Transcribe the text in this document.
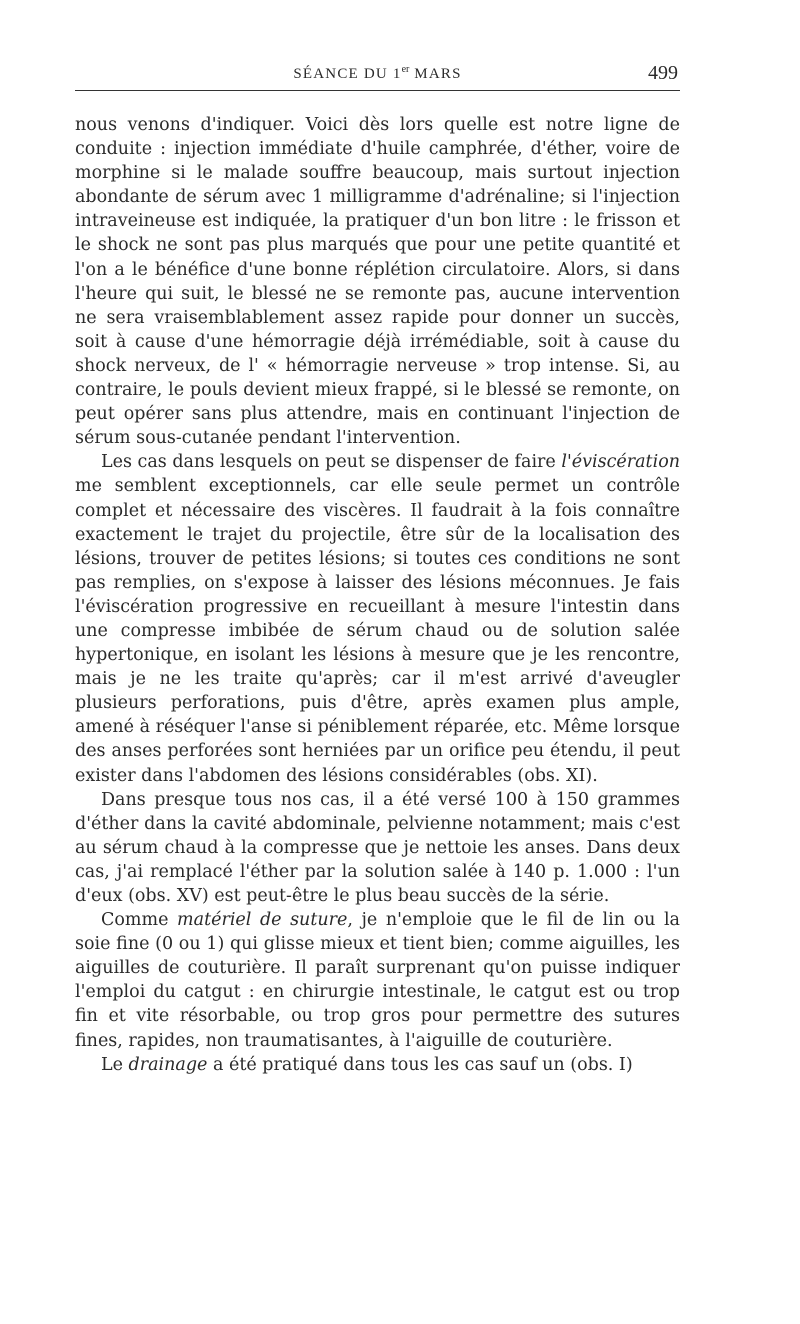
SÉANCE DU 1er MARS	499

nous venons d'indiquer. Voici dès lors quelle est notre ligne de conduite : injection immédiate d'huile camphrée, d'éther, voire de morphine si le malade souffre beaucoup, mais surtout injection abondante de sérum avec 1 milligramme d'adrénaline; si l'injection intraveineuse est indiquée, la pratiquer d'un bon litre : le frisson et le shock ne sont pas plus marqués que pour une petite quantité et l'on a le bénéfice d'une bonne réplétion circulatoire. Alors, si dans l'heure qui suit, le blessé ne se remonte pas, aucune intervention ne sera vraisemblablement assez rapide pour donner un succès, soit à cause d'une hémorragie déjà irrémédiable, soit à cause du shock nerveux, de l' « hémorragie nerveuse » trop intense. Si, au contraire, le pouls devient mieux frappé, si le blessé se remonte, on peut opérer sans plus attendre, mais en continuant l'injection de sérum sous-cutanée pendant l'intervention.

Les cas dans lesquels on peut se dispenser de faire l'éviscération me semblent exceptionnels, car elle seule permet un contrôle complet et nécessaire des viscères. Il faudrait à la fois connaître exactement le trajet du projectile, être sûr de la localisation des lésions, trouver de petites lésions; si toutes ces conditions ne sont pas remplies, on s'expose à laisser des lésions méconnues. Je fais l'éviscération progressive en recueillant à mesure l'intestin dans une compresse imbibée de sérum chaud ou de solution salée hypertonique, en isolant les lésions à mesure que je les rencontre, mais je ne les traite qu'après; car il m'est arrivé d'aveugler plusieurs perforations, puis d'être, après examen plus ample, amené à réséquer l'anse si péniblement réparée, etc. Même lorsque des anses perforées sont herniées par un orifice peu étendu, il peut exister dans l'abdomen des lésions considérables (obs. XI).

Dans presque tous nos cas, il a été versé 100 à 150 grammes d'éther dans la cavité abdominale, pelvienne notamment; mais c'est au sérum chaud à la compresse que je nettoie les anses. Dans deux cas, j'ai remplacé l'éther par la solution salée à 140 p. 1.000 : l'un d'eux (obs. XV) est peut-être le plus beau succès de la série.

Comme matériel de suture, je n'emploie que le fil de lin ou la soie fine (0 ou 1) qui glisse mieux et tient bien; comme aiguilles, les aiguilles de couturière. Il paraît surprenant qu'on puisse indiquer l'emploi du catgut : en chirurgie intestinale, le catgut est ou trop fin et vite résorbable, ou trop gros pour permettre des sutures fines, rapides, non traumatisantes, à l'aiguille de couturière.

Le drainage a été pratiqué dans tous les cas sauf un (obs. I)
